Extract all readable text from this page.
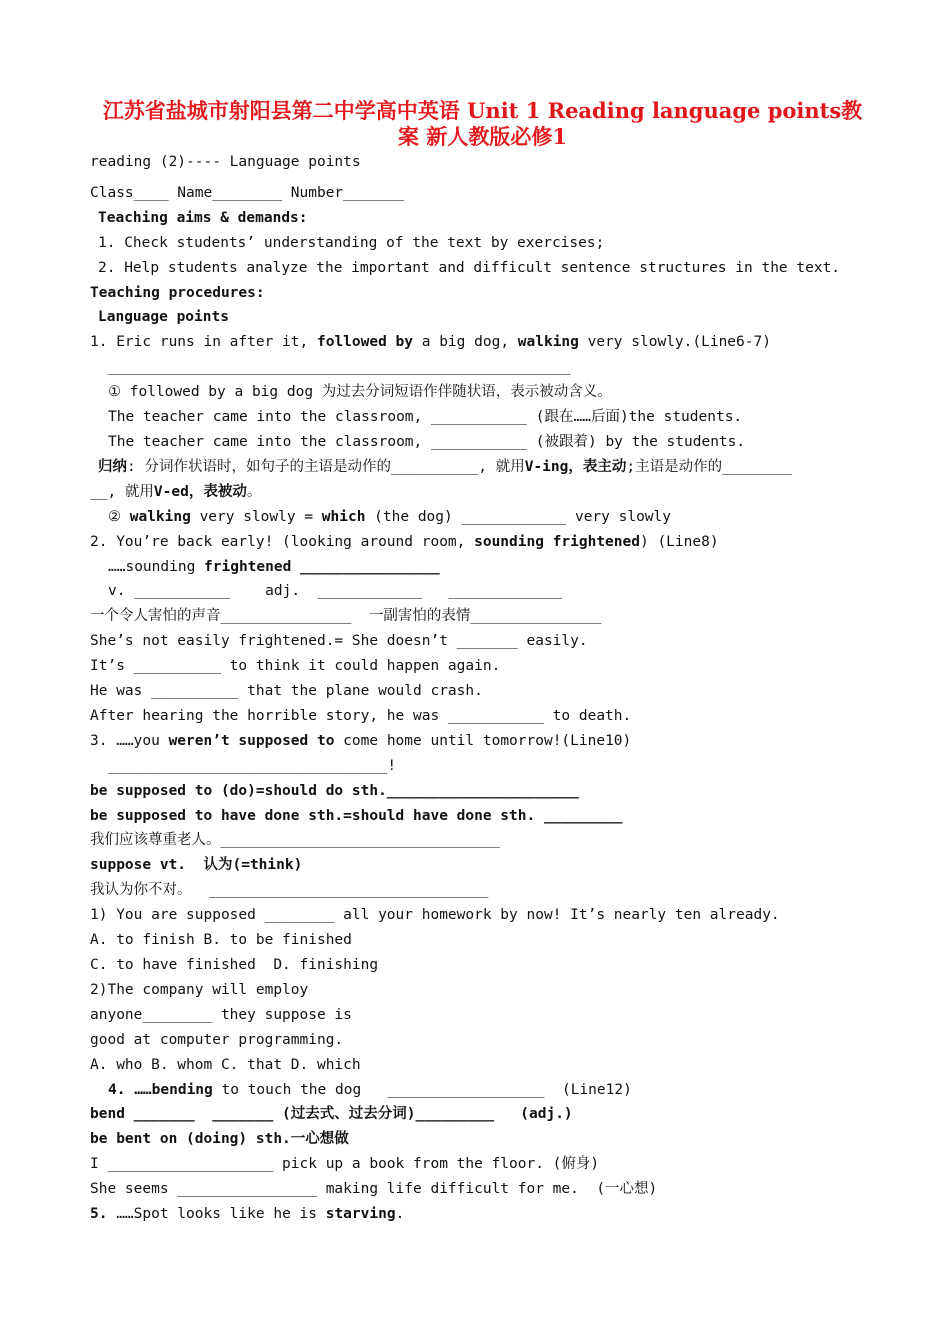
江苏省盐城市射阳县第二中学高中英语 Unit 1 Reading language points教
案 新人教版必修1
reading (2)---- Language points
Class____ Name________ Number_______
Teaching aims & demands:
1. Check students’ understanding of the text by exercises;
2. Help students analyze the important and difficult sentence structures in the text.
Teaching procedures:
Language points
1. Eric runs in after it, followed by a big dog, walking very slowly.(Line6-7)
_____________________________________________________
① followed by a big dog 为过去分词短语作伴随状语，表示被动含义。
The teacher came into the classroom, ___________ (跟在……后面)the students.
The teacher came into the classroom, ___________ (被跟着) by the students.
归纳: 分词作状语时，如句子的主语是动作的__________, 就用V-ing，表主动;主语是动作的________
__, 就用V-ed，表被动。
② walking very slowly = which (the dog) ____________ very slowly
2. You’re back early! (looking around room, sounding frightened) (Line8)
……sounding frightened ________________
v. ___________    adj.  ____________   _____________
一个令人害怕的声音_______________  一副害怕的表情_______________
She’s not easily frightened.= She doesn’t _______ easily.
It’s __________ to think it could happen again.
He was __________ that the plane would crash.
After hearing the horrible story, he was ___________ to death.
3. ……you weren’t supposed to come home until tomorrow!(Line10)
________________________________!
be supposed to (do)=should do sth.______________________
be supposed to have done sth.=should have done sth. _________
我们应该尊重老人。________________________________
suppose vt.  认为(=think)
我认为你不对。  ________________________________
1) You are supposed ________ all your homework by now! It’s nearly ten already.
A. to finish B. to be finished
C. to have finished  D. finishing
2)The company will employ
anyone________ they suppose is
good at computer programming.
A. who B. whom C. that D. which
4. ……bending to touch the dog   __________________  (Line12)
bend _______  _______ (过去式、过去分词)_________   (adj.)
be bent on (doing) sth.一心想做
I ___________________ pick up a book from the floor. (俯身)
She seems ________________ making life difficult for me.  (一心想)
5. ……Spot looks like he is starving.
